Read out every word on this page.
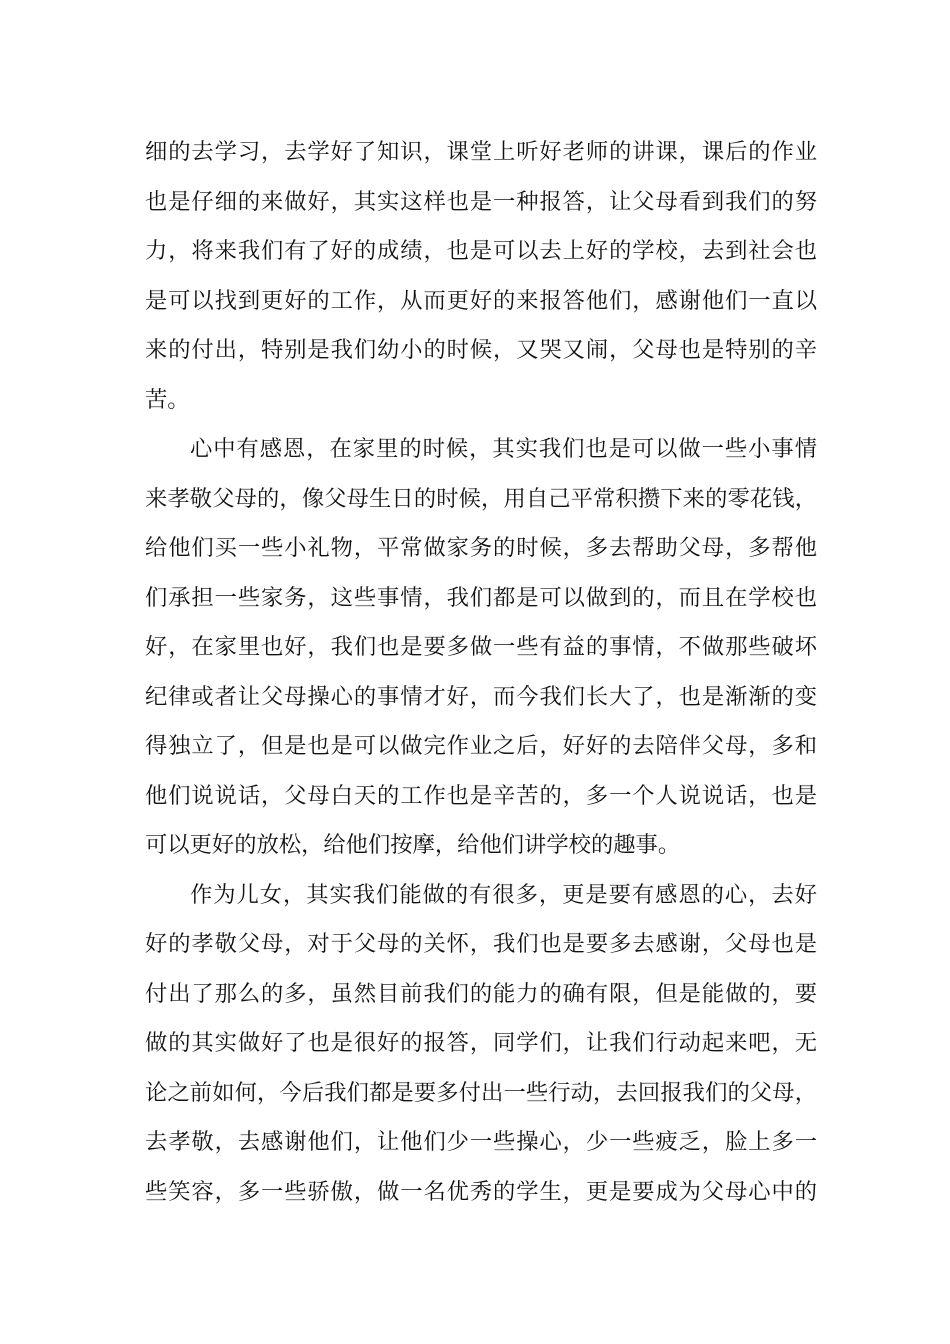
细的去学习，去学好了知识，课堂上听好老师的讲课，课后的作业
也是仔细的来做好，其实这样也是一种报答，让父母看到我们的努
力，将来我们有了好的成绩，也是可以去上好的学校，去到社会也
是可以找到更好的工作，从而更好的来报答他们，感谢他们一直以
来的付出，特别是我们幼小的时候，又哭又闹，父母也是特别的辛
苦。
心中有感恩，在家里的时候，其实我们也是可以做一些小事情
来孝敬父母的，像父母生日的时候，用自己平常积攒下来的零花钱，
给他们买一些小礼物，平常做家务的时候，多去帮助父母，多帮他
们承担一些家务，这些事情，我们都是可以做到的，而且在学校也
好，在家里也好，我们也是要多做一些有益的事情，不做那些破坏
纪律或者让父母操心的事情才好，而今我们长大了，也是渐渐的变
得独立了，但是也是可以做完作业之后，好好的去陪伴父母，多和
他们说说话，父母白天的工作也是辛苦的，多一个人说说话，也是
可以更好的放松，给他们按摩，给他们讲学校的趣事。
作为儿女，其实我们能做的有很多，更是要有感恩的心，去好
好的孝敬父母，对于父母的关怀，我们也是要多去感谢，父母也是
付出了那么的多，虽然目前我们的能力的确有限，但是能做的，要
做的其实做好了也是很好的报答，同学们，让我们行动起来吧，无
论之前如何，今后我们都是要多付出一些行动，去回报我们的父母，
去孝敬，去感谢他们，让他们少一些操心，少一些疲乏，脸上多一
些笑容，多一些骄傲，做一名优秀的学生，更是要成为父母心中的
